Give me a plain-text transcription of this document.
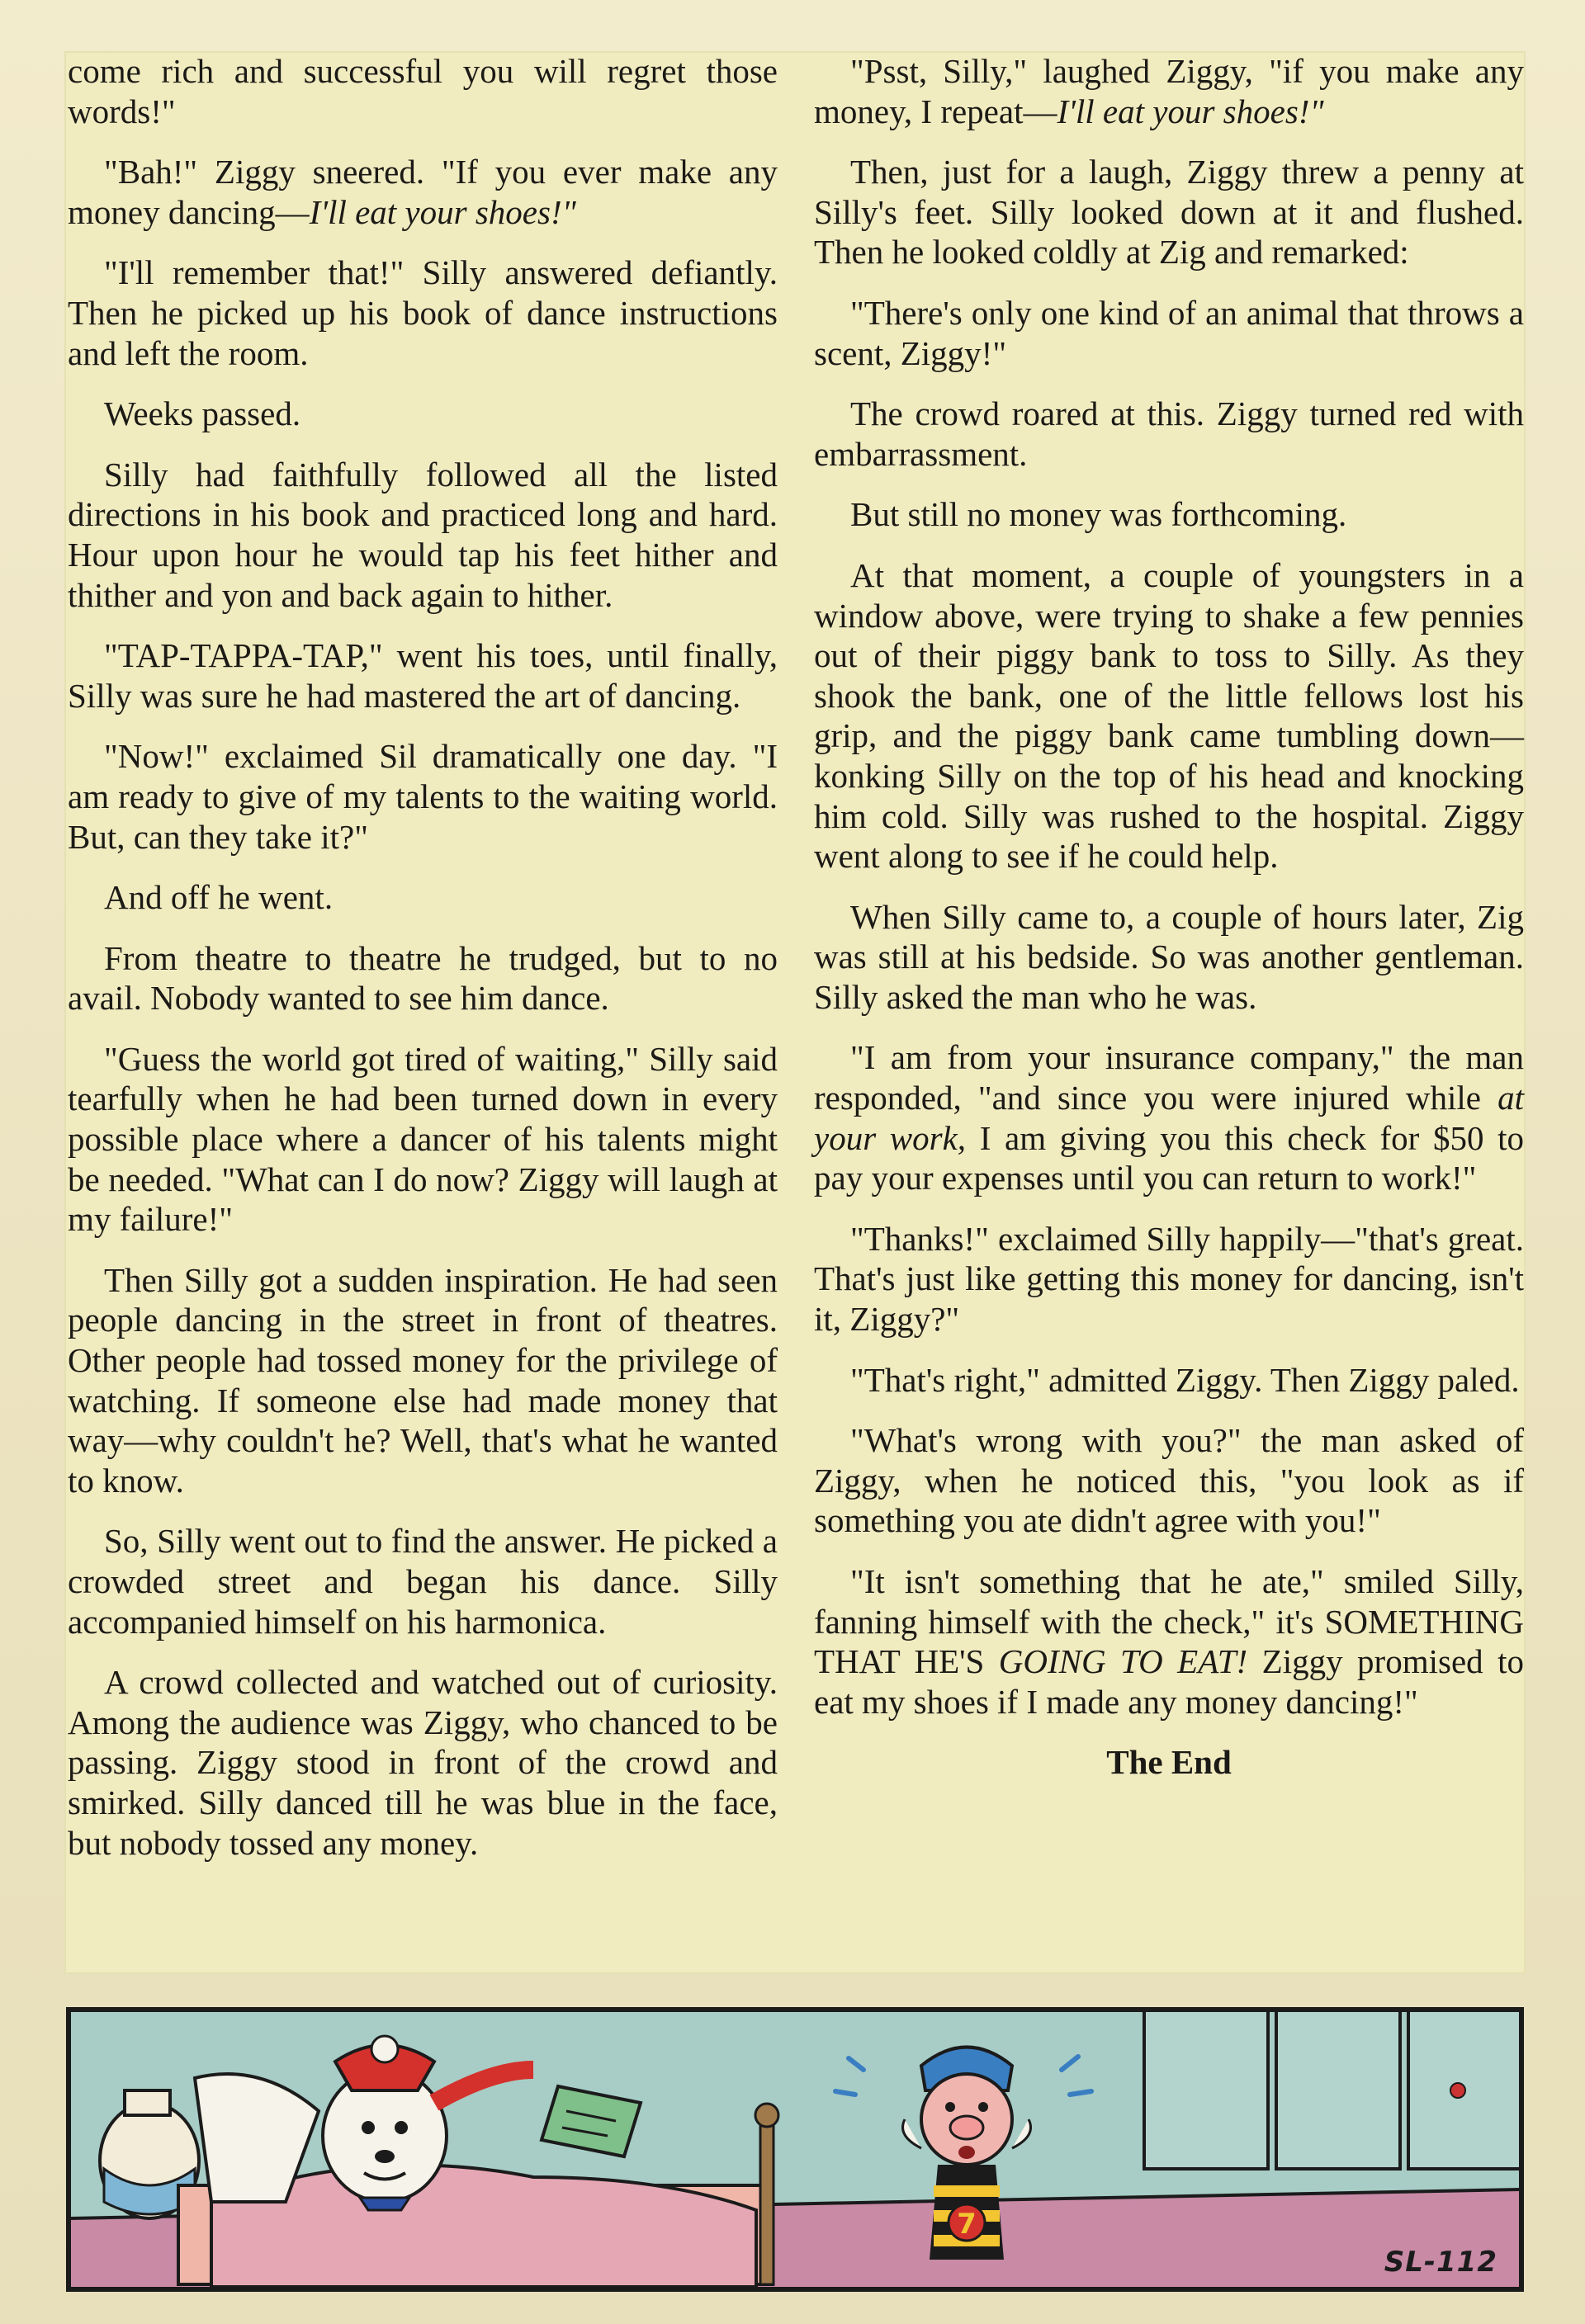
come rich and successful you will regret those words!"

"Bah!" Ziggy sneered. "If you ever make any money dancing—I'll eat your shoes!"

"I'll remember that!" Silly answered defiantly. Then he picked up his book of dance instructions and left the room.

Weeks passed.

Silly had faithfully followed all the listed directions in his book and practiced long and hard. Hour upon hour he would tap his feet hither and thither and yon and back again to hither.

"TAP-TAPPA-TAP," went his toes, until finally, Silly was sure he had mastered the art of dancing.

"Now!" exclaimed Sil dramatically one day. "I am ready to give of my talents to the waiting world. But, can they take it?"

And off he went.

From theatre to theatre he trudged, but to no avail. Nobody wanted to see him dance.

"Guess the world got tired of waiting," Silly said tearfully when he had been turned down in every possible place where a dancer of his talents might be needed. "What can I do now? Ziggy will laugh at my failure!"

Then Silly got a sudden inspiration. He had seen people dancing in the street in front of theatres. Other people had tossed money for the privilege of watching. If someone else had made money that way—why couldn't he? Well, that's what he wanted to know.

So, Silly went out to find the answer. He picked a crowded street and began his dance. Silly accompanied himself on his harmonica.

A crowd collected and watched out of curiosity. Among the audience was Ziggy, who chanced to be passing. Ziggy stood in front of the crowd and smirked. Silly danced till he was blue in the face, but nobody tossed any money.

"Psst, Silly," laughed Ziggy, "if you make any money, I repeat—I'll eat your shoes!"

Then, just for a laugh, Ziggy threw a penny at Silly's feet. Silly looked down at it and flushed. Then he looked coldly at Zig and remarked:

"There's only one kind of an animal that throws a scent, Ziggy!"

The crowd roared at this. Ziggy turned red with embarrassment.

But still no money was forthcoming.

At that moment, a couple of youngsters in a window above, were trying to shake a few pennies out of their piggy bank to toss to Silly. As they shook the bank, one of the little fellows lost his grip, and the piggy bank came tumbling down—konking Silly on the top of his head and knocking him cold. Silly was rushed to the hospital. Ziggy went along to see if he could help.

When Silly came to, a couple of hours later, Zig was still at his bedside. So was another gentleman. Silly asked the man who he was.

"I am from your insurance company," the man responded, "and since you were injured while at your work, I am giving you this check for $50 to pay your expenses until you can return to work!"

"Thanks!" exclaimed Silly happily—"that's great. That's just like getting this money for dancing, isn't it, Ziggy?"

"That's right," admitted Ziggy. Then Ziggy paled.

"What's wrong with you?" the man asked of Ziggy, when he noticed this, "you look as if something you ate didn't agree with you!"

"It isn't something that he ate," smiled Silly, fanning himself with the check," it's SOMETHING THAT HE'S GOING TO EAT! Ziggy promised to eat my shoes if I made any money dancing!"

The End

7
SL-112
